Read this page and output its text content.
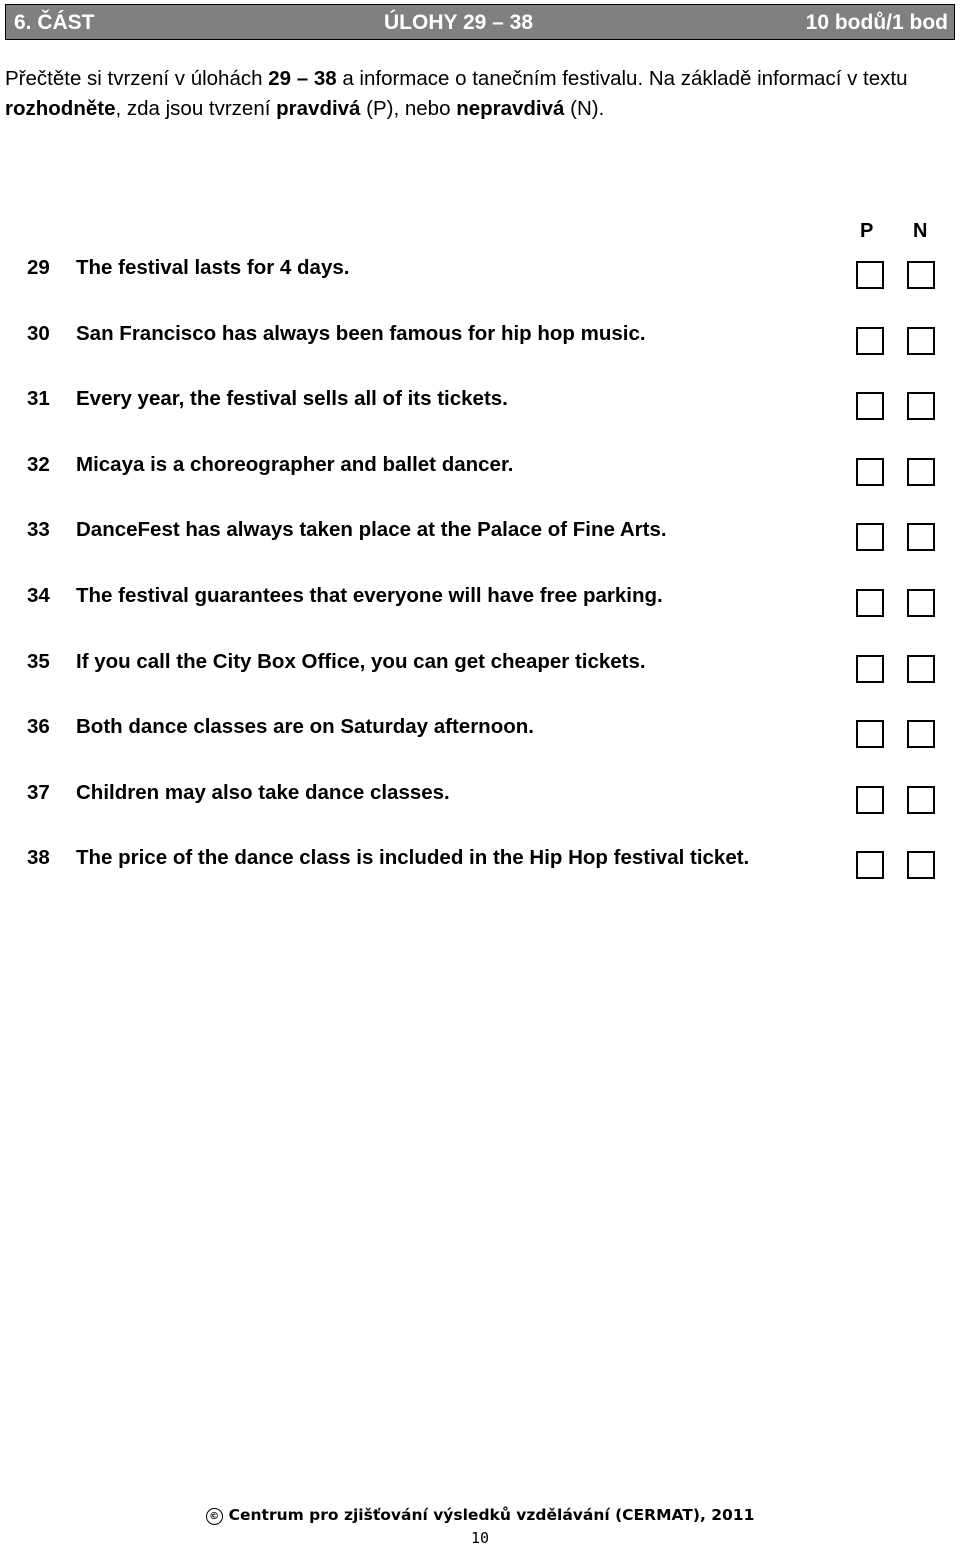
6. ČÁST	ÚLOHY 29 – 38	10 bodů/1 bod
Přečtěte si tvrzení v úlohách 29 – 38 a informace o tanečním festivalu. Na základě informací v textu rozhodněte, zda jsou tvrzení pravdivá (P), nebo nepravdivá (N).
P N
29 The festival lasts for 4 days.
30 San Francisco has always been famous for hip hop music.
31 Every year, the festival sells all of its tickets.
32 Micaya is a choreographer and ballet dancer.
33 DanceFest has always taken place at the Palace of Fine Arts.
34 The festival guarantees that everyone will have free parking.
35 If you call the City Box Office, you can get cheaper tickets.
36 Both dance classes are on Saturday afternoon.
37 Children may also take dance classes.
38 The price of the dance class is included in the Hip Hop festival ticket.
© Centrum pro zjišťování výsledků vzdělávání (CERMAT), 2011
10
